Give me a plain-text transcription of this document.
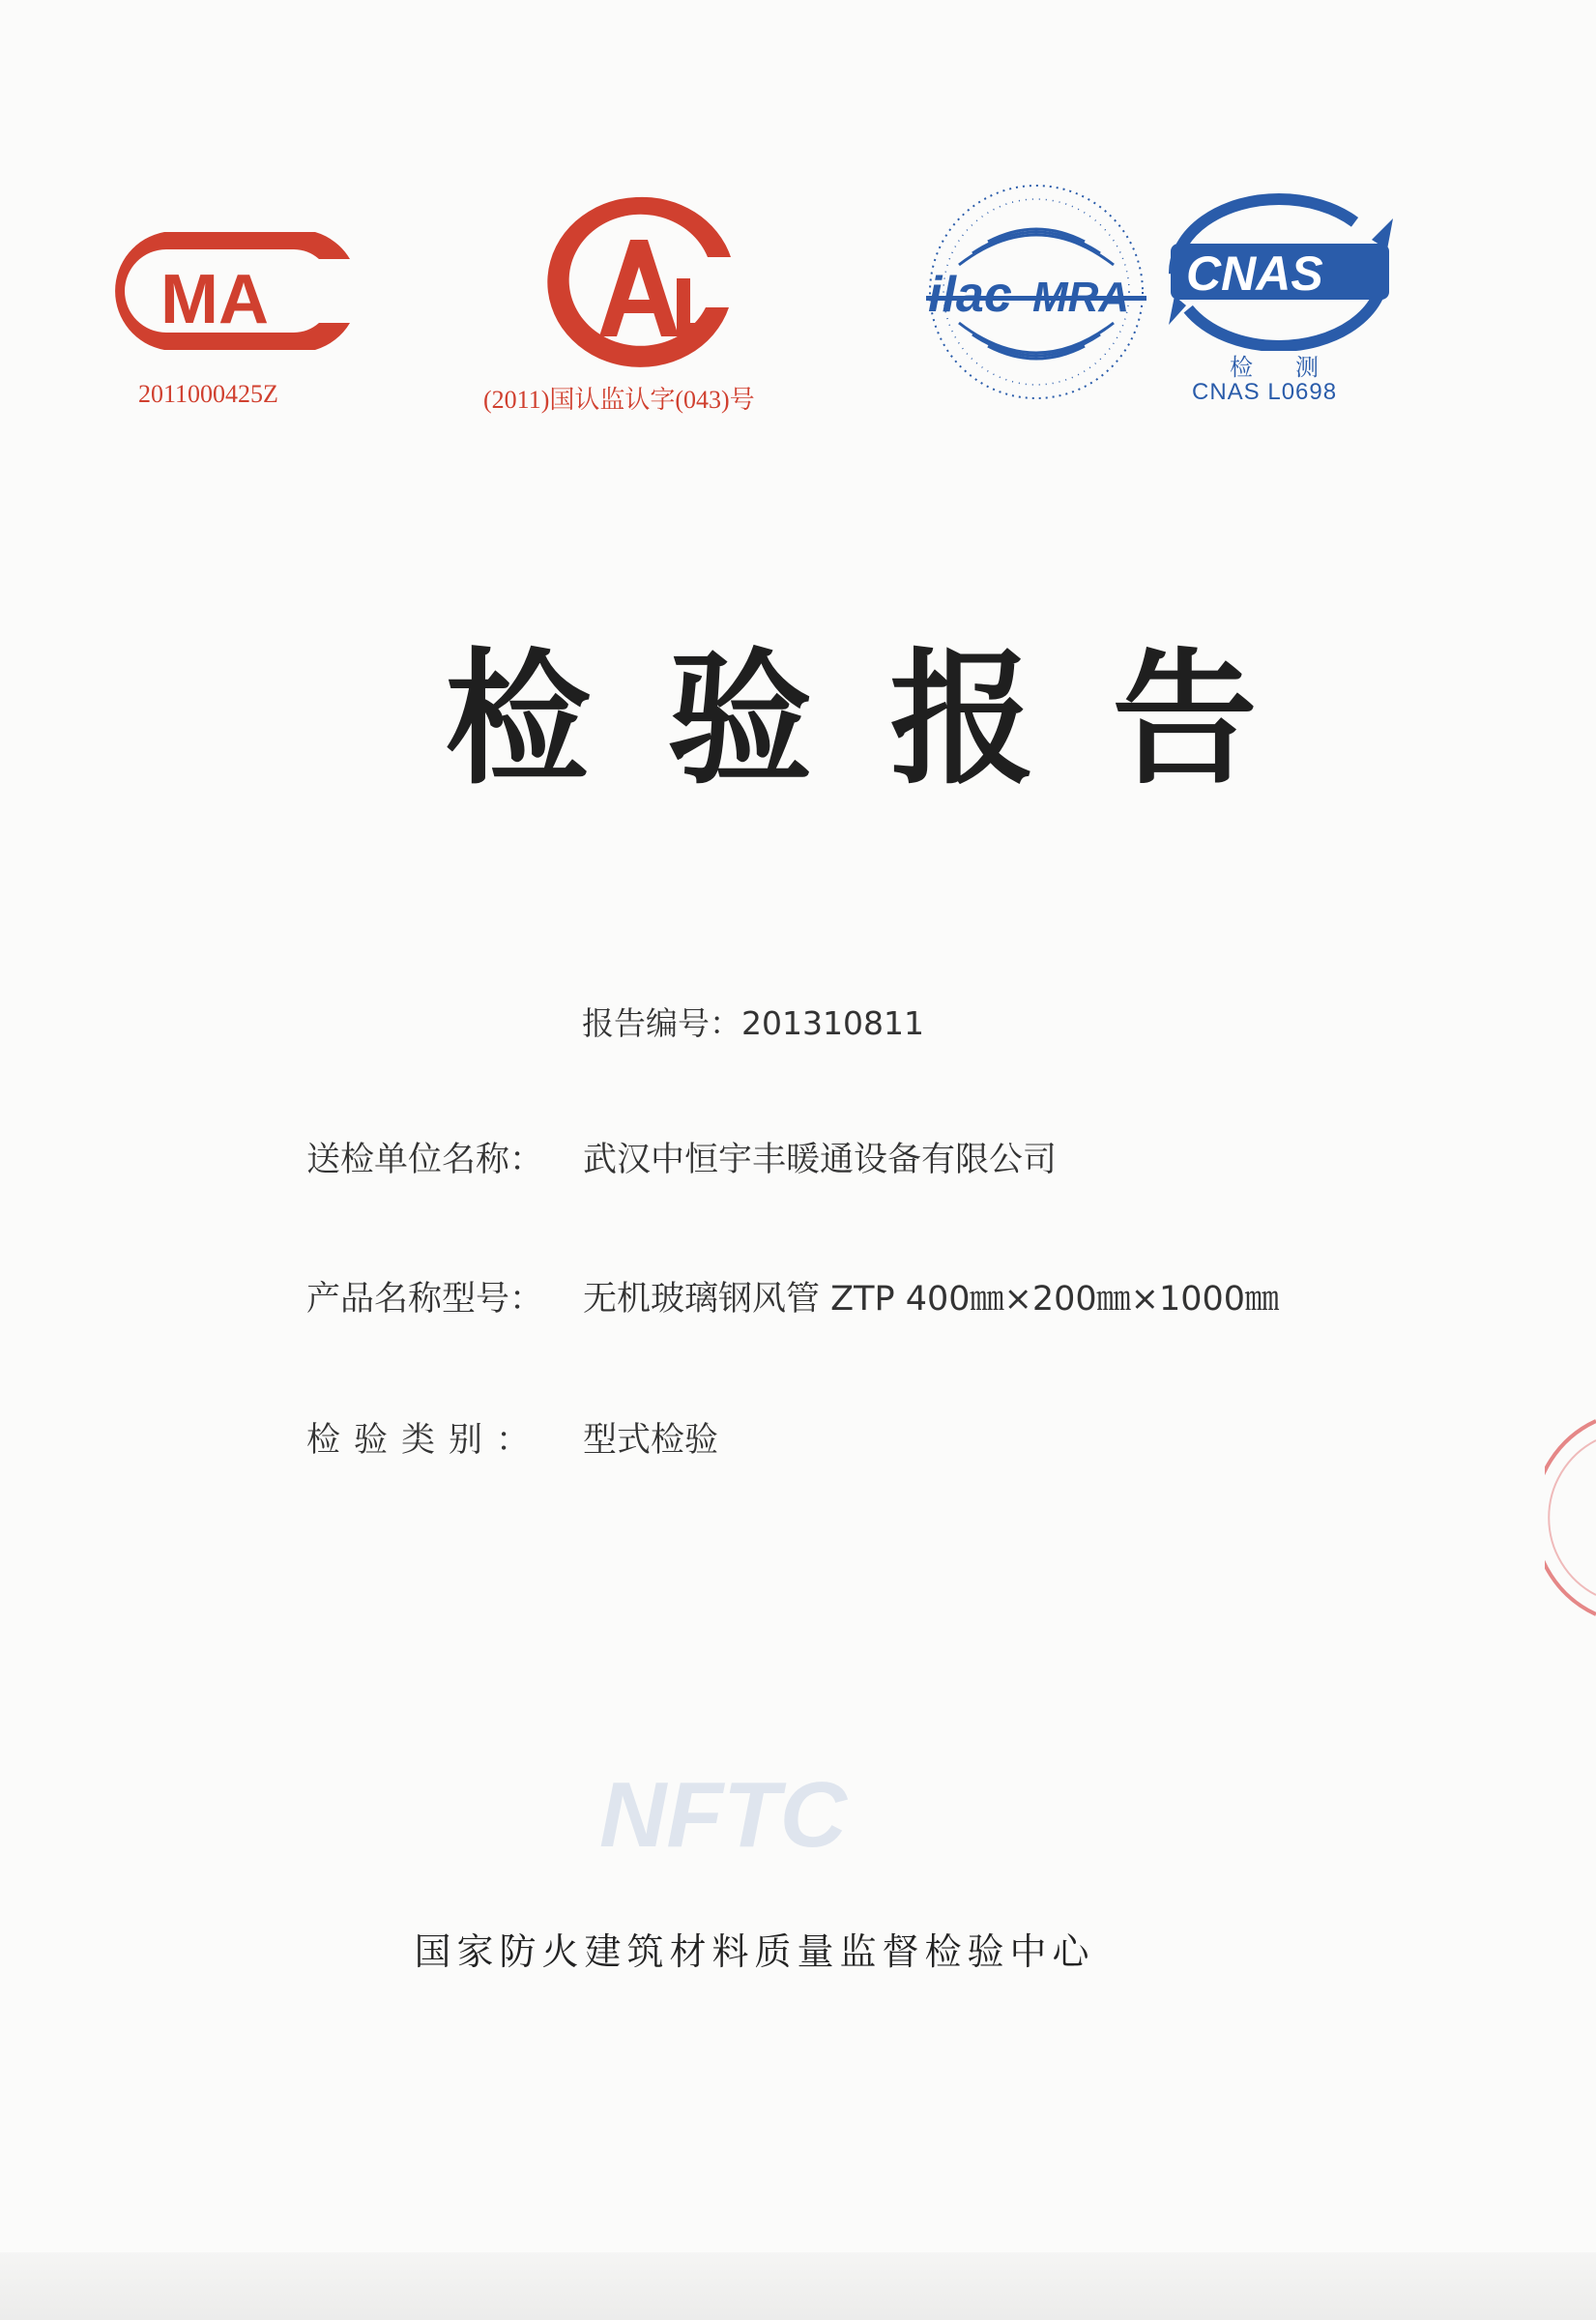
MA
2011000425Z	(2011)国认监认字(043)号
ilac MRA CNAS
检 测
CNAS L0698
检验报告
报告编号：201310811
送检单位名称： 武汉中恒宇丰暖通设备有限公司
产品名称型号： 无机玻璃钢风管 ZTP 400㎜×200㎜×1000㎜
检验类别： 型式检验
NFTC
国家防火建筑材料质量监督检验中心
